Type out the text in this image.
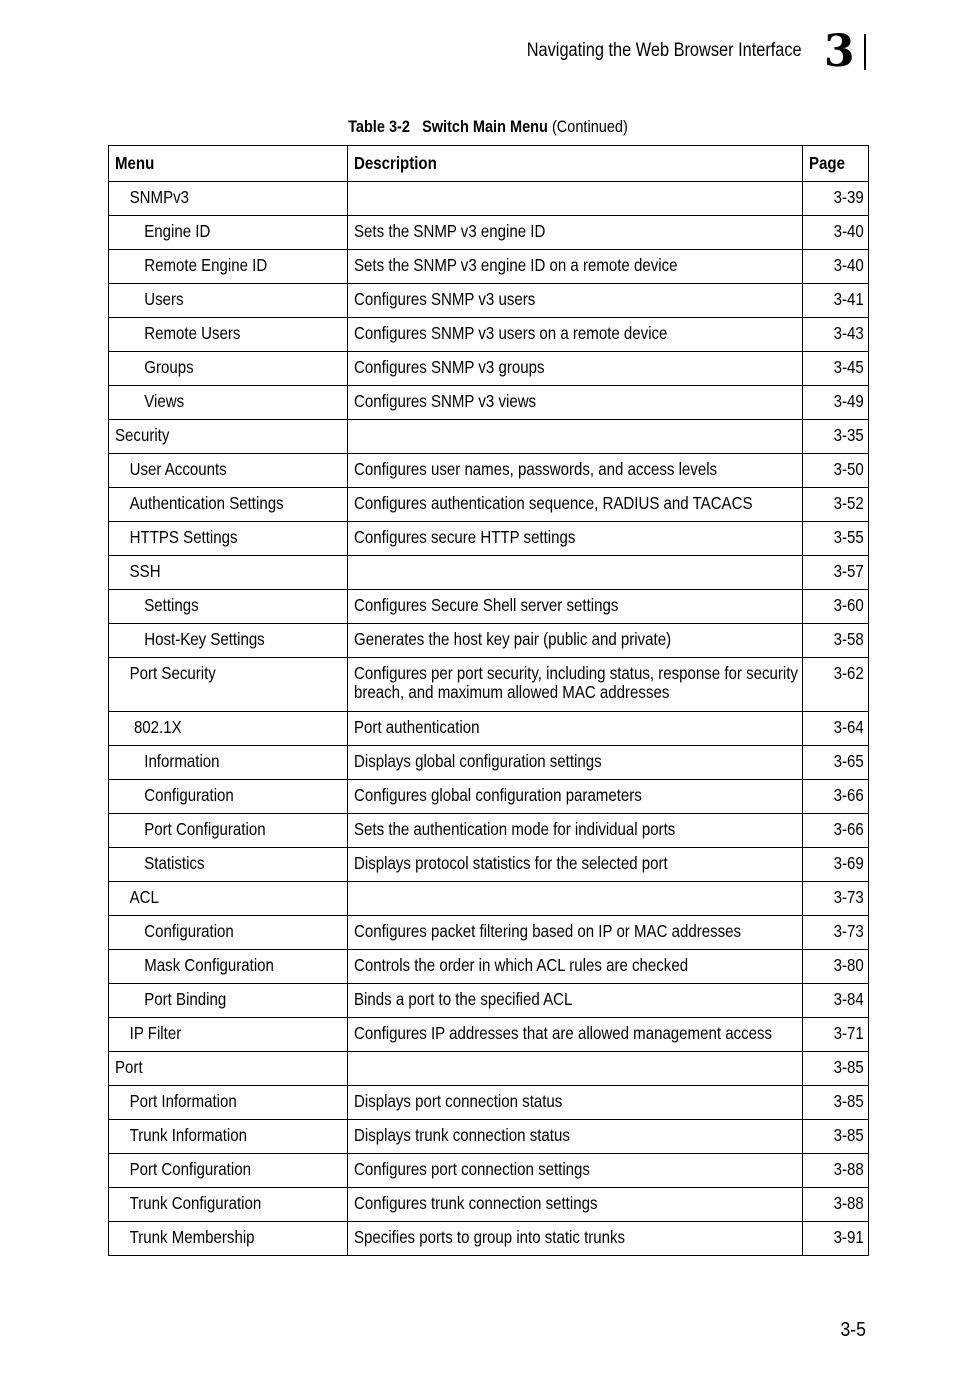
Navigating the Web Browser Interface 3
Table 3-2 Switch Main Menu (Continued)
Menu	Description	Page

SNMPv3		3-39

Engine ID	Sets the SNMP v3 engine ID	3-40

Remote Engine ID	Sets the SNMP v3 engine ID on a remote device	3-40

Users	Configures SNMP v3 users	3-41

Remote Users	Configures SNMP v3 users on a remote device	3-43

Groups	Configures SNMP v3 groups	3-45

Views	Configures SNMP v3 views	3-49

Security		3-35

User Accounts	Configures user names, passwords, and access levels	3-50

Authentication Settings	Configures authentication sequence, RADIUS and TACACS	3-52

HTTPS Settings	Configures secure HTTP settings	3-55

SSH		3-57

Settings	Configures Secure Shell server settings	3-60

Host-Key Settings	Generates the host key pair (public and private)	3-58

Port Security	Configures per port security, including status, response for security breach, and maximum allowed MAC addresses	3-62

802.1X	Port authentication	3-64

Information	Displays global configuration settings	3-65

Configuration	Configures global configuration parameters	3-66

Port Configuration	Sets the authentication mode for individual ports	3-66

Statistics	Displays protocol statistics for the selected port	3-69

ACL		3-73

Configuration	Configures packet filtering based on IP or MAC addresses	3-73

Mask Configuration	Controls the order in which ACL rules are checked	3-80

Port Binding	Binds a port to the specified ACL	3-84

IP Filter	Configures IP addresses that are allowed management access	3-71

Port		3-85

Port Information	Displays port connection status	3-85

Trunk Information	Displays trunk connection status	3-85

Port Configuration	Configures port connection settings	3-88

Trunk Configuration	Configures trunk connection settings	3-88

Trunk Membership	Specifies ports to group into static trunks	3-91
3-5
